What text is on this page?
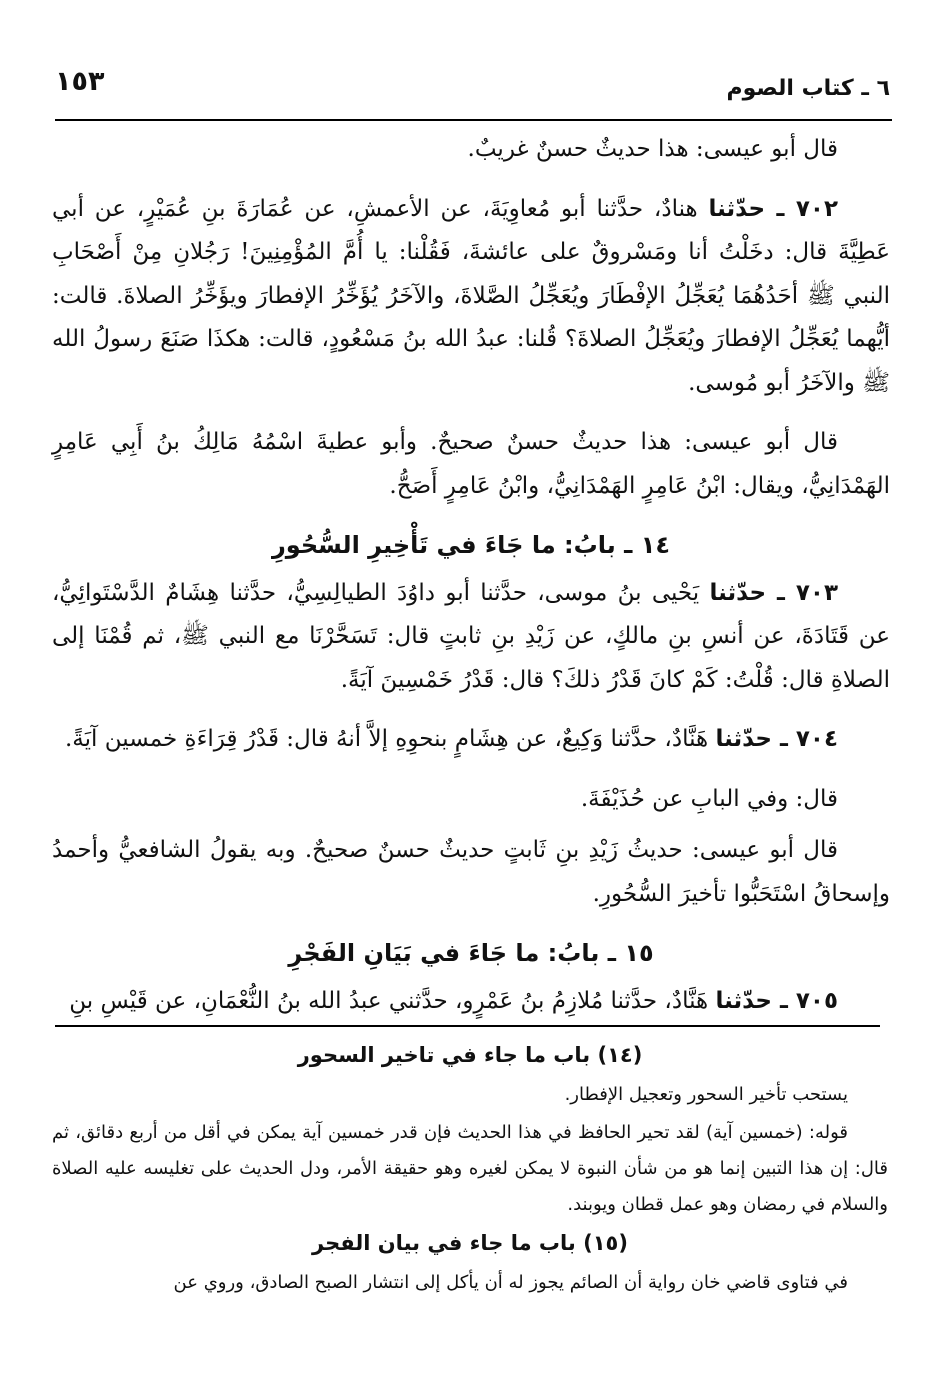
٦ ـ كتاب الصوم
١٥٣

قال أبو عيسى: هذا حديثٌ حسنٌ غريبٌ.

٧٠٢ ـ حدّثنا هنادٌ، حدَّثنا أبو مُعاوِيَةَ، عن الأعمشِ، عن عُمَارَةَ بنِ عُمَيْرٍ، عن أبي عَطِيَّةَ قال: دخَلْتُ أنا ومَسْروقٌ على عائشةَ، فَقُلْنا: يا أُمَّ المُؤْمِنِينَ! رَجُلانِ مِنْ أَصْحَابِ النبي ﷺ أحَدُهُمَا يُعَجِّلُ الإفْطَارَ ويُعَجِّلُ الصَّلاةَ، والآخَرُ يُؤَخِّرُ الإفطارَ ويؤَخِّرُ الصلاةَ. قالت: أيُّهما يُعَجِّلُ الإفطارَ ويُعَجِّلُ الصلاةَ؟ قُلنا: عبدُ الله بنُ مَسْعُودٍ، قالت: هكذَا صَنَعَ رسولُ الله ﷺ والآخَرُ أبو مُوسى.

قال أبو عيسى: هذا حديثٌ حسنٌ صحيحٌ. وأبو عطيةَ اسْمُهُ مَالِكُ بنُ أَبِي عَامِرٍ الهَمْدَانِيُّ، ويقال: ابْنُ عَامِرٍ الهَمْدَانِيُّ، وابْنُ عَامِرٍ أَصَحُّ.

١٤ ـ بابُ: ما جَاءَ في تَأْخِيرِ السُّحُورِ

٧٠٣ ـ حدّثنا يَحْيى بنُ موسى، حدَّثنا أبو داوُدَ الطيالِسِيُّ، حدَّثنا هِشَامٌ الدَّسْتَوائِيُّ، عن قَتَادَةَ، عن أنسِ بنِ مالكٍ، عن زَيْدِ بنِ ثابتٍ قال: تَسَحَّرْنَا مع النبي ﷺ، ثم قُمْنَا إلى الصلاةِ قال: قُلْتُ: كَمْ كانَ قَدْرُ ذلكَ؟ قال: قَدْرُ خَمْسِينَ آيَةً.

٧٠٤ ـ حدّثنا هَنَّادٌ، حدَّثنا وَكِيعٌ، عن هِشَامٍ بنحوِهِ إلاَّ أنهُ قال: قَدْرُ قِرَاءَةِ خمسين آيَةً.

قال: وفي البابِ عن حُذَيْفَةَ.

قال أبو عيسى: حديثُ زَيْدِ بنِ ثَابتٍ حديثٌ حسنٌ صحيحٌ. وبه يقولُ الشافعيُّ وأحمدُ وإسحاقُ اسْتَحَبُّوا تأخيرَ السُّحُورِ.

١٥ ـ بابُ: ما جَاءَ في بَيَانِ الفَجْرِ

٧٠٥ ـ حدّثنا هَنَّادٌ، حدَّثنا مُلازِمُ بنُ عَمْرٍو، حدَّثني عبدُ الله بنُ النُّعْمَانِ، عن قَيْسِ بنِ

(١٤) باب ما جاء في تاخير السحور

يستحب تأخير السحور وتعجيل الإفطار.

قوله: (خمسين آية) لقد تحير الحافظ في هذا الحديث فإن قدر خمسين آية يمكن في أقل من أربع دقائق، ثم قال: إن هذا التبين إنما هو من شأن النبوة لا يمكن لغيره وهو حقيقة الأمر، ودل الحديث على تغليسه عليه الصلاة والسلام في رمضان وهو عمل قطان ويوبند.

(١٥) باب ما جاء في بيان الفجر

في فتاوى قاضي خان رواية أن الصائم يجوز له أن يأكل إلى انتشار الصبح الصادق، وروي عن
